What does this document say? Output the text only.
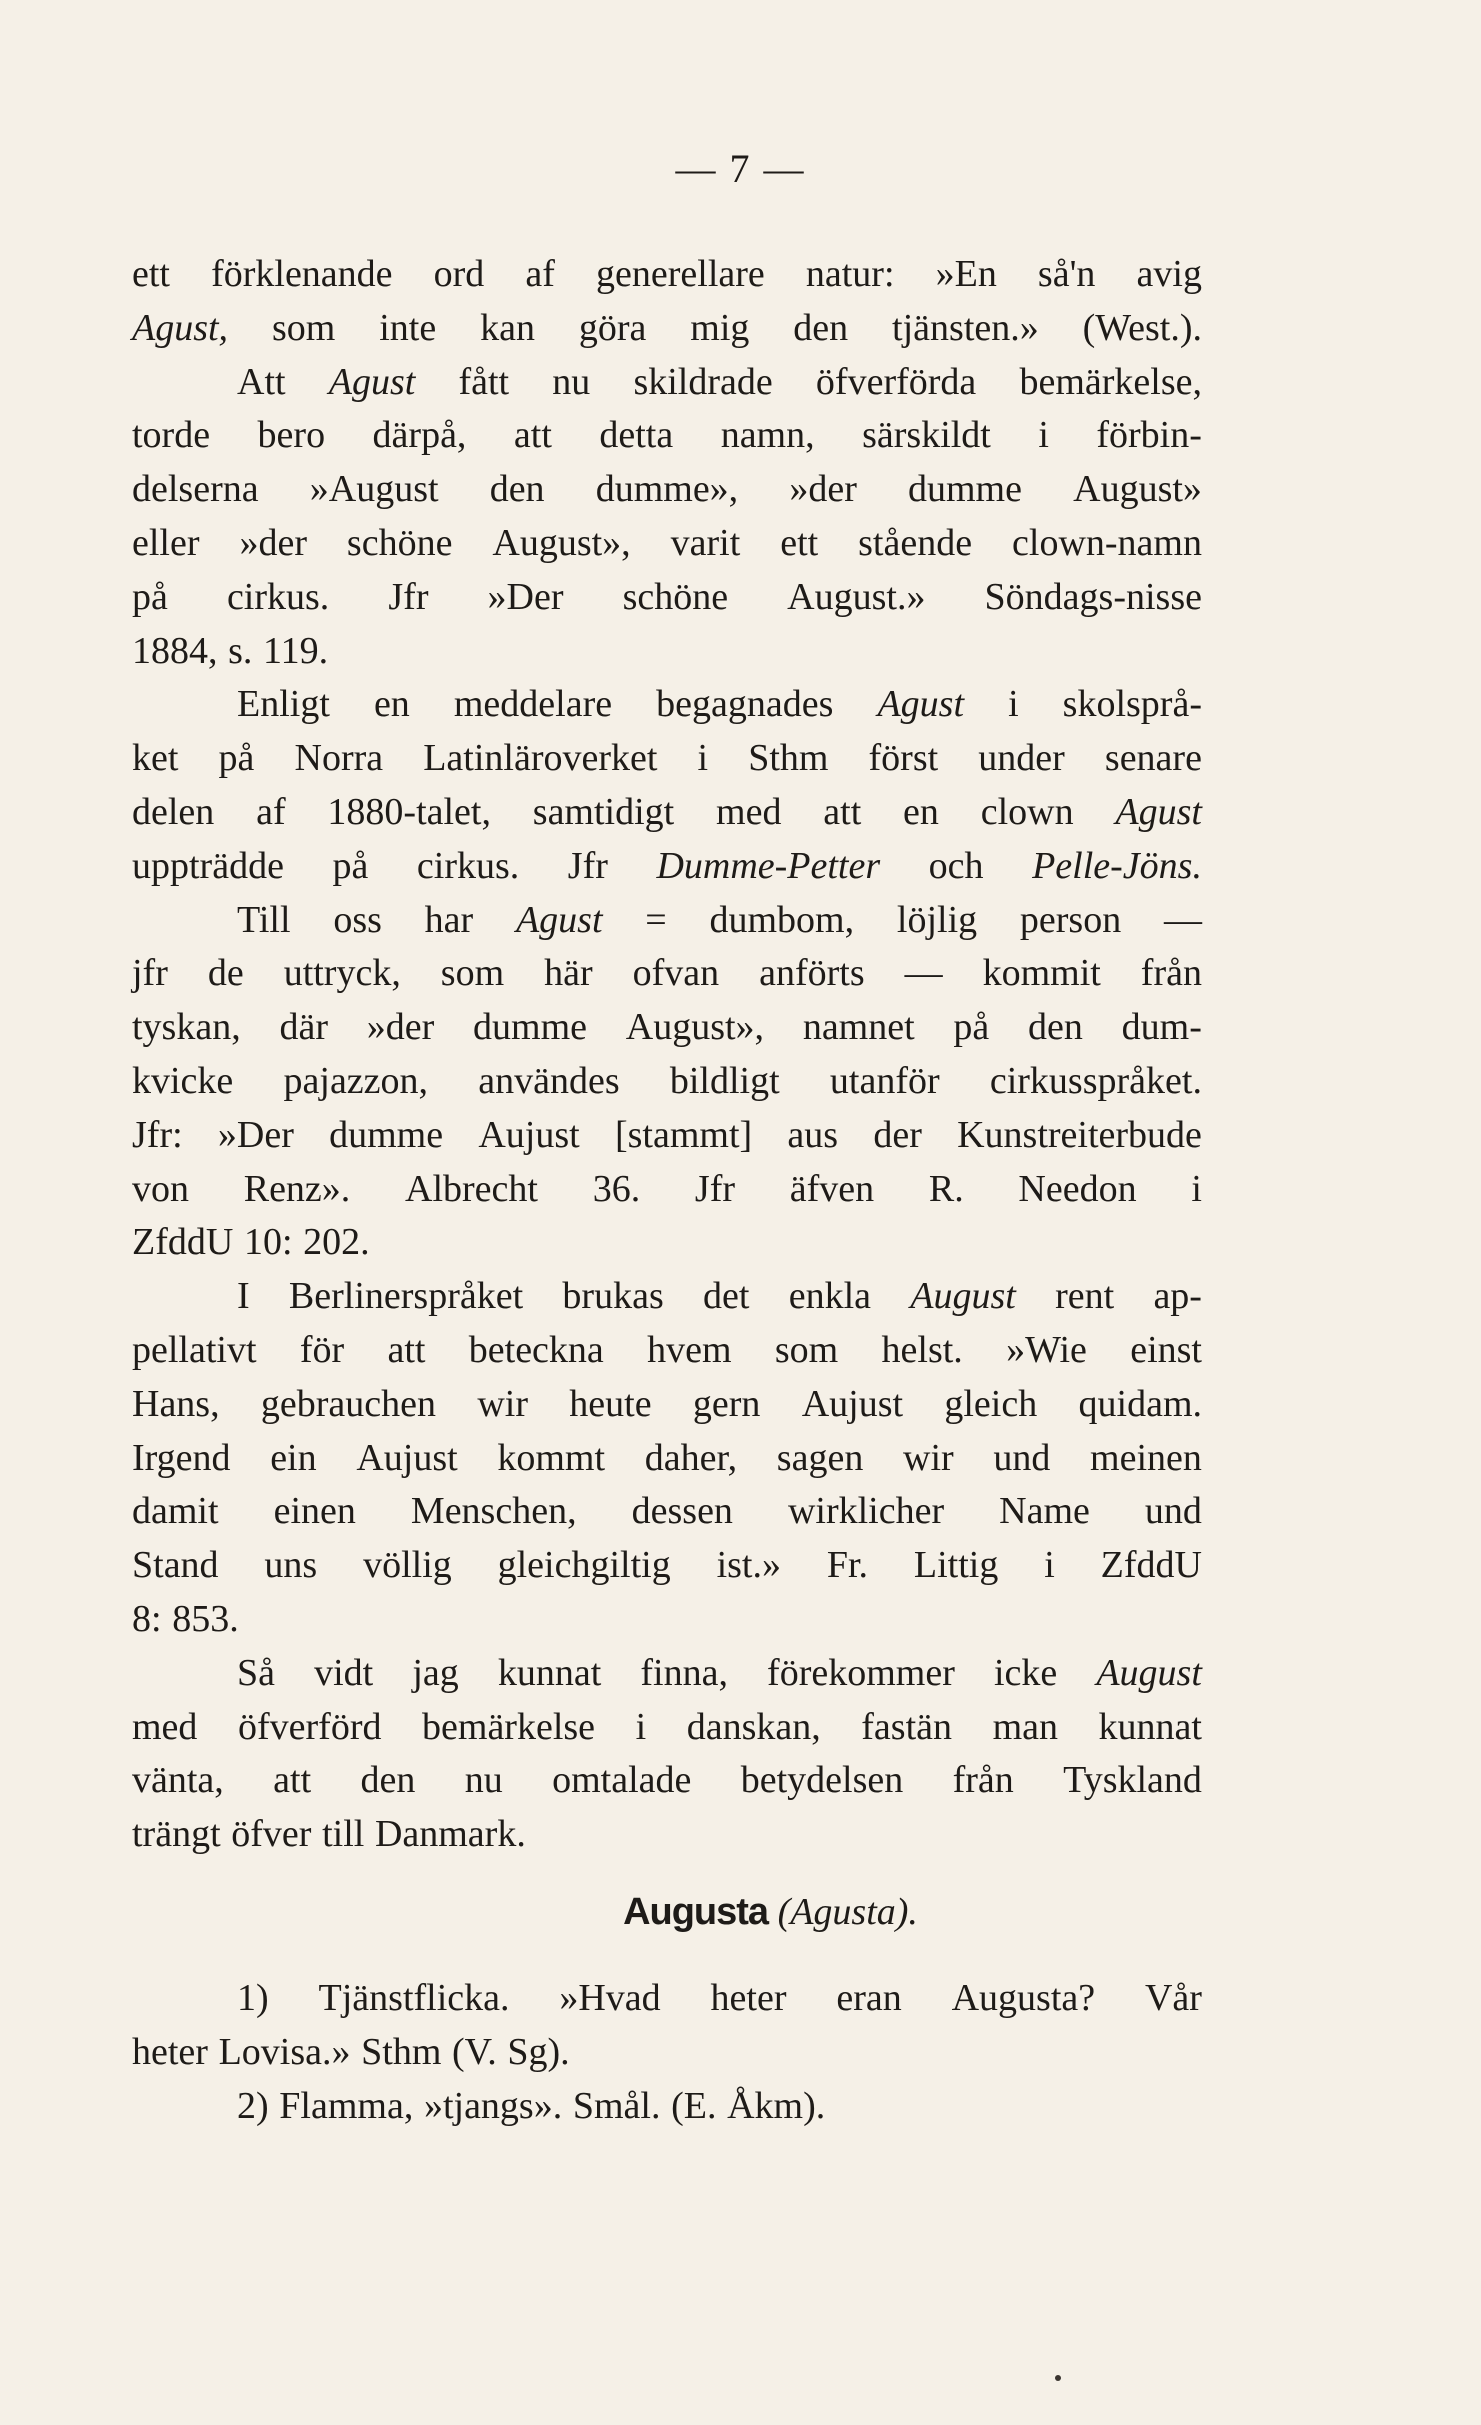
— 7 —
ett förklenande ord af generellare natur: »En så'n avig
Agust, som inte kan göra mig den tjänsten.» (West.).
Att Agust fått nu skildrade öfverförda bemärkelse,
torde bero därpå, att detta namn, särskildt i förbin-
delserna »August den dumme», »der dumme August»
eller »der schöne August», varit ett stående clown-namn
på cirkus. Jfr »Der schöne August.» Söndags-nisse
1884, s. 119.
Enligt en meddelare begagnades Agust i skolsprå-
ket på Norra Latinläroverket i Sthm först under senare
delen af 1880-talet, samtidigt med att en clown Agust
uppträdde på cirkus. Jfr Dumme-Petter och Pelle-Jöns.
Till oss har Agust = dumbom, löjlig person —
jfr de uttryck, som här ofvan anförts — kommit från
tyskan, där »der dumme August», namnet på den dum-
kvicke pajazzon, användes bildligt utanför cirkusspråket.
Jfr: »Der dumme Aujust [stammt] aus der Kunstreiterbude
von Renz». Albrecht 36. Jfr äfven R. Needon i
ZfddU 10: 202.
I Berlinerspråket brukas det enkla August rent ap-
pellativt för att beteckna hvem som helst. »Wie einst
Hans, gebrauchen wir heute gern Aujust gleich quidam.
Irgend ein Aujust kommt daher, sagen wir und meinen
damit einen Menschen, dessen wirklicher Name und
Stand uns völlig gleichgiltig ist.» Fr. Littig i ZfddU
8: 853.
Så vidt jag kunnat finna, förekommer icke August
med öfverförd bemärkelse i danskan, fastän man kunnat
vänta, att den nu omtalade betydelsen från Tyskland
trängt öfver till Danmark.
Augusta (Agusta).
1) Tjänstflicka. »Hvad heter eran Augusta? Vår
heter Lovisa.» Sthm (V. Sg).
2) Flamma, »tjangs». Smål. (E. Åkm).
